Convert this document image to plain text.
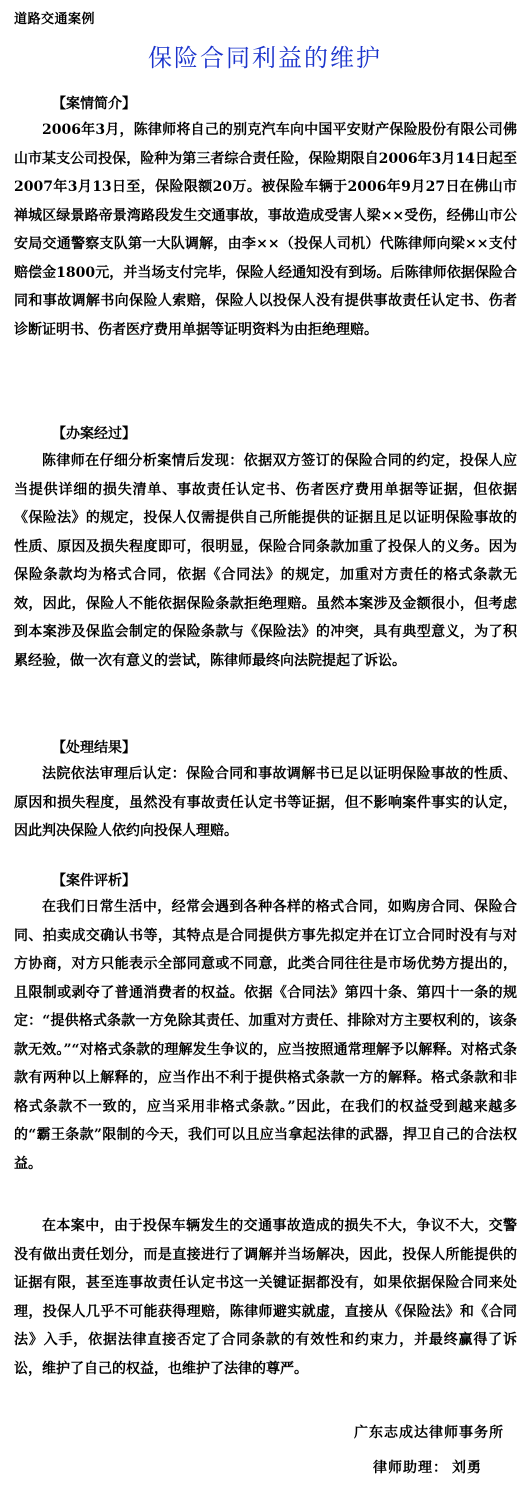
道路交通案例
保险合同利益的维护
【案情简介】
2006年3月，陈律师将自己的别克汽车向中国平安财产保险股份有限公司佛山市某支公司投保，险种为第三者综合责任险，保险期限自2006年3月14日起至2007年3月13日至，保险限额20万。被保险车辆于2006年9月27日在佛山市禅城区绿景路帝景湾路段发生交通事故，事故造成受害人梁××受伤，经佛山市公安局交通警察支队第一大队调解，由李××（投保人司机）代陈律师向梁××支付赔偿金1800元，并当场支付完毕，保险人经通知没有到场。后陈律师依据保险合同和事故调解书向保险人索赔，保险人以投保人没有提供事故责任认定书、伤者诊断证明书、伤者医疗费用单据等证明资料为由拒绝理赔。
【办案经过】
陈律师在仔细分析案情后发现：依据双方签订的保险合同的约定，投保人应当提供详细的损失清单、事故责任认定书、伤者医疗费用单据等证据，但依据《保险法》的规定，投保人仅需提供自己所能提供的证据且足以证明保险事故的性质、原因及损失程度即可，很明显，保险合同条款加重了投保人的义务。因为保险条款均为格式合同，依据《合同法》的规定，加重对方责任的格式条款无效，因此，保险人不能依据保险条款拒绝理赔。虽然本案涉及金额很小，但考虑到本案涉及保监会制定的保险条款与《保险法》的冲突，具有典型意义，为了积累经验，做一次有意义的尝试，陈律师最终向法院提起了诉讼。
【处理结果】
法院依法审理后认定：保险合同和事故调解书已足以证明保险事故的性质、原因和损失程度，虽然没有事故责任认定书等证据，但不影响案件事实的认定，因此判决保险人依约向投保人理赔。
【案件评析】
在我们日常生活中，经常会遇到各种各样的格式合同，如购房合同、保险合同、拍卖成交确认书等，其特点是合同提供方事先拟定并在订立合同时没有与对方协商，对方只能表示全部同意或不同意，此类合同往往是市场优势方提出的，且限制或剥夺了普通消费者的权益。依据《合同法》第四十条、第四十一条的规定：“提供格式条款一方免除其责任、加重对方责任、排除对方主要权利的，该条款无效。”“对格式条款的理解发生争议的，应当按照通常理解予以解释。对格式条款有两种以上解释的，应当作出不利于提供格式条款一方的解释。格式条款和非格式条款不一致的，应当采用非格式条款。”因此，在我们的权益受到越来越多的“霸王条款”限制的今天，我们可以且应当拿起法律的武器，捍卫自己的合法权益。
在本案中，由于投保车辆发生的交通事故造成的损失不大，争议不大，交警没有做出责任划分，而是直接进行了调解并当场解决，因此，投保人所能提供的证据有限，甚至连事故责任认定书这一关键证据都没有，如果依据保险合同来处理，投保人几乎不可能获得理赔，陈律师避实就虚，直接从《保险法》和《合同法》入手，依据法律直接否定了合同条款的有效性和约束力，并最终赢得了诉讼，维护了自己的权益，也维护了法律的尊严。
广东志成达律师事务所
律师助理： 刘勇
